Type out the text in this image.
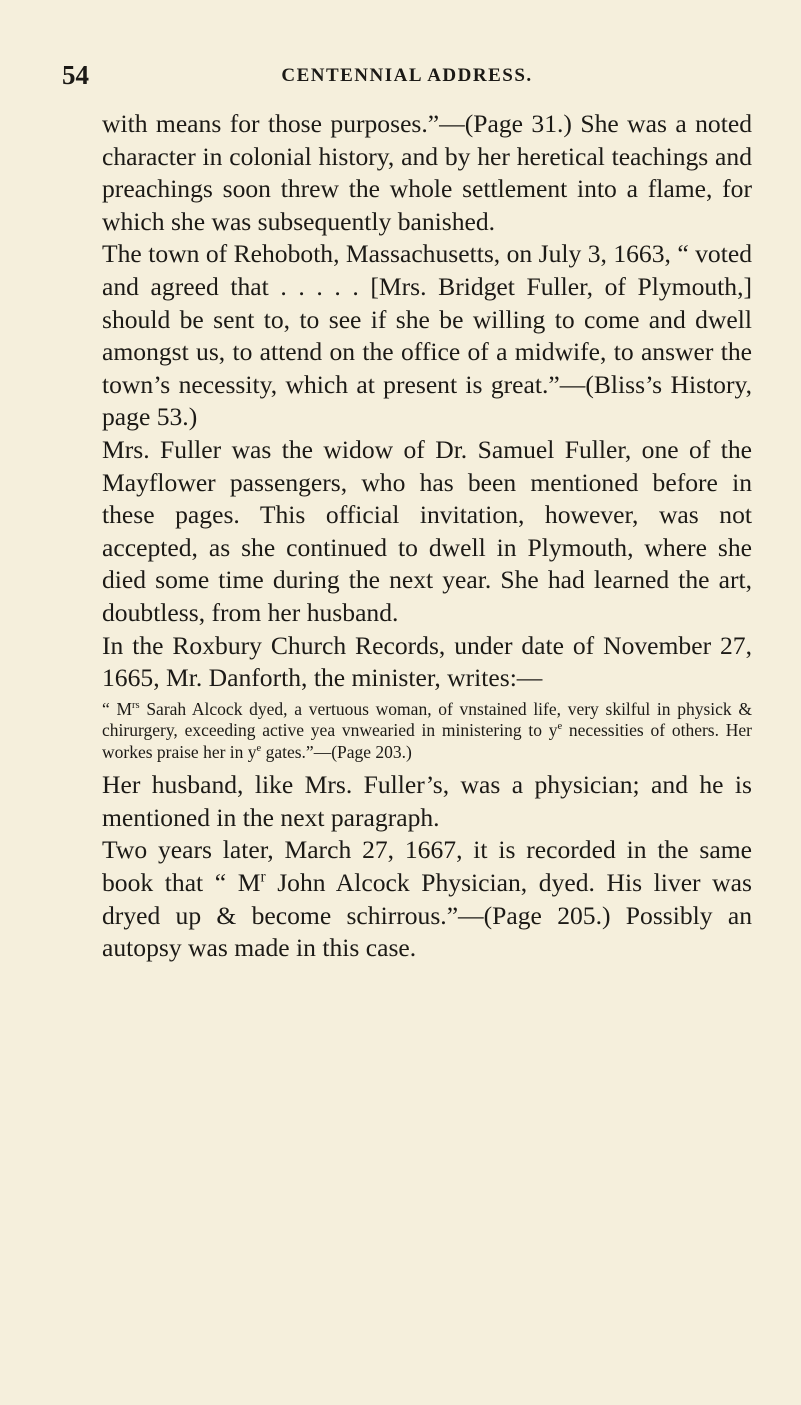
54	CENTENNIAL ADDRESS.

with means for those purposes.”—(Page 31.) She was a noted character in colonial history, and by her heretical teachings and preachings soon threw the whole settlement into a flame, for which she was subsequently banished.

The town of Rehoboth, Massachusetts, on July 3, 1663, “ voted and agreed that . . . . . [Mrs. Bridget Fuller, of Plymouth,] should be sent to, to see if she be willing to come and dwell amongst us, to attend on the office of a midwife, to answer the town’s necessity, which at present is great.”—(Bliss’s History, page 53.)

Mrs. Fuller was the widow of Dr. Samuel Fuller, one of the Mayflower passengers, who has been mentioned before in these pages. This official invitation, however, was not accepted, as she continued to dwell in Plymouth, where she died some time during the next year. She had learned the art, doubtless, from her husband.

In the Roxbury Church Records, under date of November 27, 1665, Mr. Danforth, the minister, writes:—

“ $M^{rs}$ Sarah Alcock dyed, a vertuous woman, of vnstained life, very skilful in physick & chirurgery, exceeding active yea vnwearied in ministering to $y^e$ necessities of others. Her workes praise her in $y^e$ gates.”—(Page 203.)

Her husband, like Mrs. Fuller’s, was a physician; and he is mentioned in the next paragraph.

Two years later, March 27, 1667, it is recorded in the same book that “ $M^r$ John Alcock Physician, dyed. His liver was dryed up & become schirrous.”—(Page 205.) Possibly an autopsy was made in this case.
